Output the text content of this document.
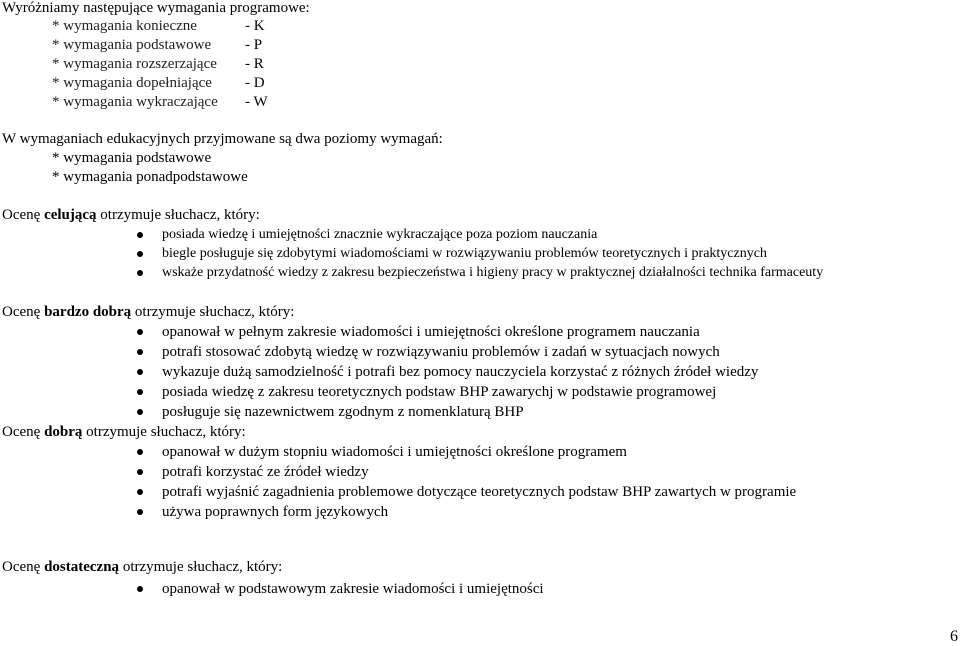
Wyróżniamy następujące wymagania programowe:
* wymagania konieczne	- K
* wymagania podstawowe - P
* wymagania rozszerzające - R
* wymagania dopełniające - D
* wymagania wykraczające - W
W wymaganiach edukacyjnych przyjmowane są dwa poziomy wymagań:
* wymagania podstawowe
* wymagania ponadpodstawowe
Ocenę celującą otrzymuje słuchacz, który:
posiada wiedzę i umiejętności znacznie wykraczające poza poziom nauczania
biegle posługuje się zdobytymi wiadomościami w rozwiązywaniu problemów teoretycznych i praktycznych
wskaże przydatność wiedzy z zakresu bezpieczeństwa i higieny pracy w praktycznej działalności technika farmaceuty
Ocenę bardzo dobrą otrzymuje słuchacz, który:
opanował w pełnym zakresie wiadomości i umiejętności określone programem nauczania
potrafi stosować zdobytą wiedzę w rozwiązywaniu problemów i zadań w sytuacjach nowych
wykazuje dużą samodzielność i potrafi bez pomocy nauczyciela korzystać z różnych źródeł wiedzy
posiada wiedzę z zakresu teoretycznych podstaw BHP zawarychj w podstawie programowej
posługuje się nazewnictwem zgodnym z nomenklaturą BHP
Ocenę dobrą otrzymuje słuchacz, który:
opanował w dużym stopniu wiadomości i umiejętności określone programem
potrafi korzystać ze źródeł wiedzy
potrafi wyjaśnić zagadnienia problemowe dotyczące teoretycznych podstaw BHP zawartych w programie
używa poprawnych form językowych
Ocenę dostateczną otrzymuje słuchacz, który:
opanował w podstawowym zakresie wiadomości i umiejętności
6
